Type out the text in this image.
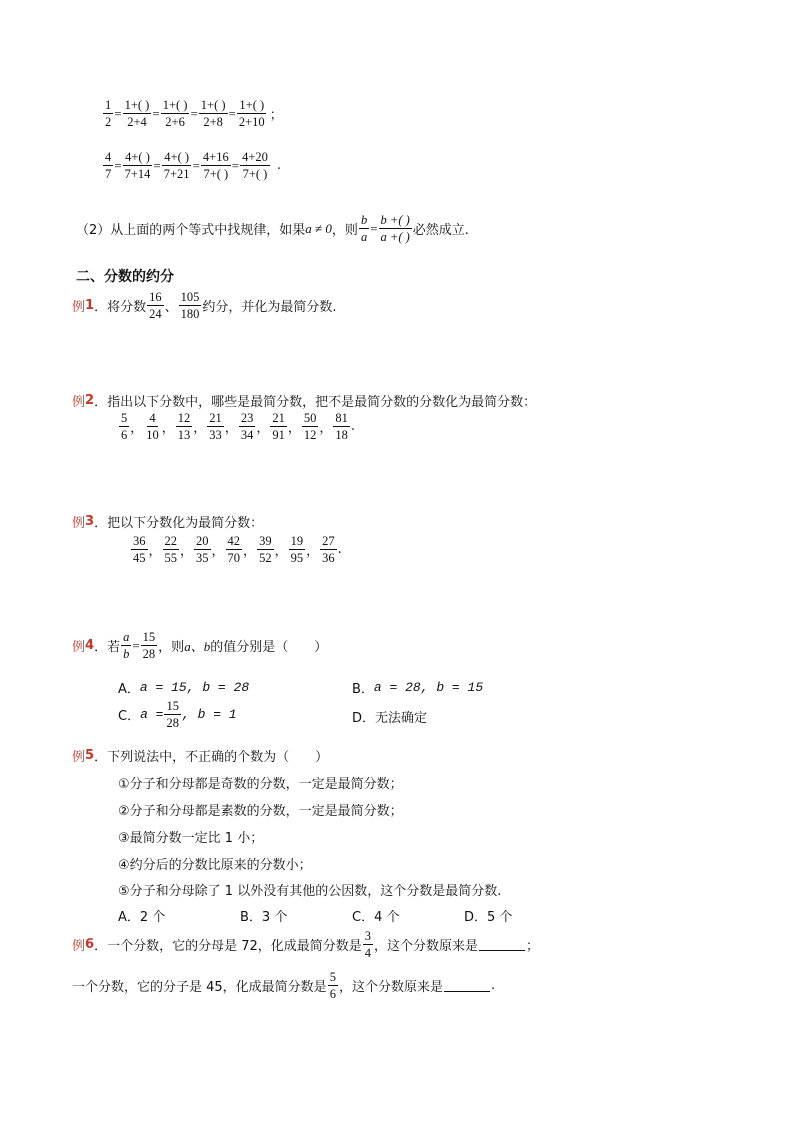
$\frac{1}{2} = \frac{1+( )}{2+4} = \frac{1+( )}{2+6} = \frac{1+( )}{2+8} = \frac{1+( )}{2+10}$ ；
$\frac{4}{7} = \frac{4+( )}{7+14} = \frac{4+( )}{7+21} = \frac{4+16}{7+( )} = \frac{4+20}{7+( )}$ .
（2）从上面的两个等式中找规律，如果 a ≠ 0 ，则 $\frac{b}{a} = \frac{b +( )}{a +( )}$ 必然成立.
二、分数的约分
例 1 ．将分数 $\frac{16}{24}$ 、 $\frac{105}{180}$ 约分，并化为最简分数.
例 2 ．指出以下分数中，哪些是最简分数，把不是最简分数的分数化为最简分数：
$\frac{5}{6}$ ， $\frac{4}{10}$ ， $\frac{12}{13}$ ， $\frac{21}{33}$ ， $\frac{23}{34}$ ， $\frac{21}{91}$ ， $\frac{50}{12}$ ， $\frac{81}{18}$ .
例 3 ．把以下分数化为最简分数：
$\frac{36}{45}$ ， $\frac{22}{55}$ ， $\frac{20}{35}$ ， $\frac{42}{70}$ ， $\frac{39}{52}$ ， $\frac{19}{95}$ ， $\frac{27}{36}$ .
例 4 ．若 $\frac{a}{b} = \frac{15}{28}$ ，则 a、b 的值分别是（　　）
A． a = 15, b = 28	B． a = 28, b = 15
C． $a = \frac{15}{28}$ , b = 1	D．无法确定
例 5 ．下列说法中，不正确的个数为（　　）
①分子和分母都是奇数的分数，一定是最简分数；
②分子和分母都是素数的分数，一定是最简分数；
③最简分数一定比 1 小；
④约分后的分数比原来的分数小；
⑤分子和分母除了 1 以外没有其他的公因数，这个分数是最简分数.
A．2 个	B．3 个	C．4 个	D．5 个
例 6 ．一个分数，它的分母是 72，化成最简分数是 $\frac{3}{4}$ ，这个分数原来是	；
一个分数，它的分子是 45，化成最简分数是 $\frac{5}{6}$ ，这个分数原来是	.
